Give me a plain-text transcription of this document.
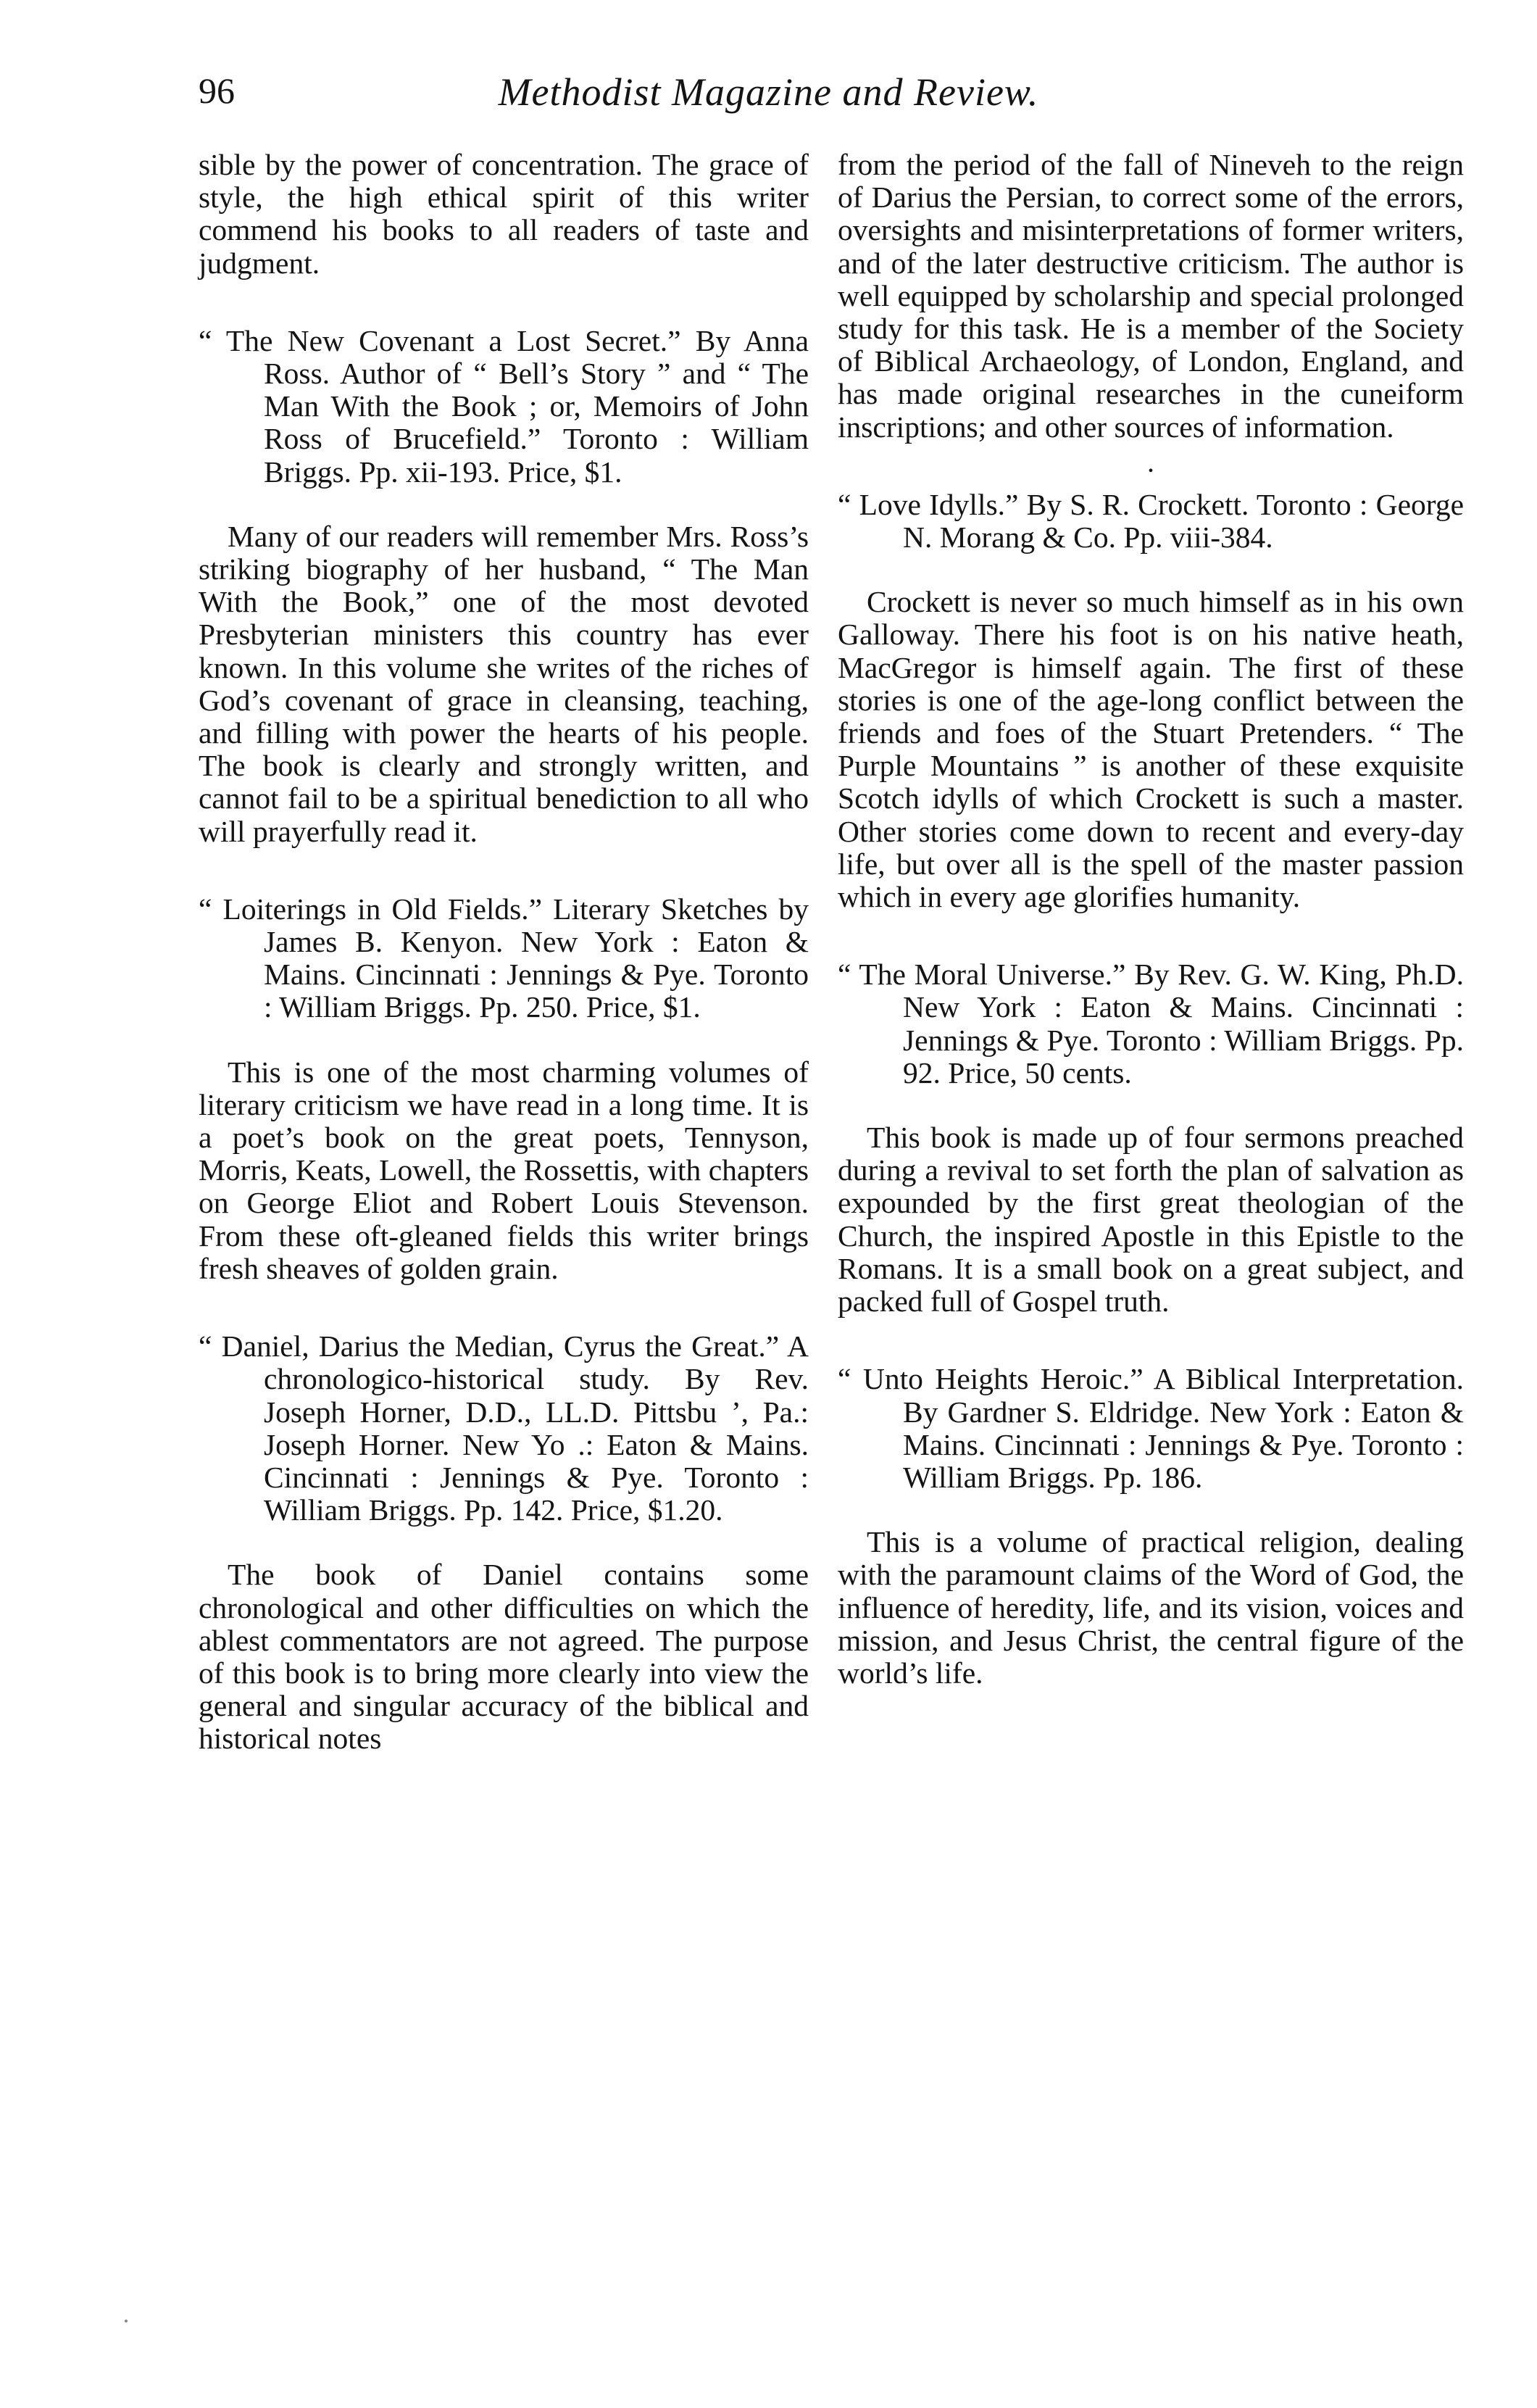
96	Methodist Magazine and Review.

sible by the power of concentration. The grace of style, the high ethical spirit of this writer commend his books to all readers of taste and judgment.

“ The New Covenant a Lost Secret.” By Anna Ross. Author of “ Bell’s Story ” and “ The Man With the Book ; or, Memoirs of John Ross of Brucefield.” Toronto : William Briggs. Pp. xii-193. Price, $1.

Many of our readers will remember Mrs. Ross’s striking biography of her husband, “ The Man With the Book,” one of the most devoted Presbyterian ministers this country has ever known. In this volume she writes of the riches of God’s covenant of grace in cleansing, teaching, and filling with power the hearts of his people. The book is clearly and strongly written, and cannot fail to be a spiritual benediction to all who will prayerfully read it.

“ Loiterings in Old Fields.” Literary Sketches by James B. Kenyon. New York : Eaton & Mains. Cincinnati : Jennings & Pye. Toronto : William Briggs. Pp. 250. Price, $1.

This is one of the most charming volumes of literary criticism we have read in a long time. It is a poet’s book on the great poets, Tennyson, Morris, Keats, Lowell, the Rossettis, with chapters on George Eliot and Robert Louis Stevenson. From these oft-gleaned fields this writer brings fresh sheaves of golden grain.

“ Daniel, Darius the Median, Cyrus the Great.” A chronologico-historical study. By Rev. Joseph Horner, D.D., LL.D. Pittsbu ’, Pa.: Joseph Horner. New Yo .: Eaton & Mains. Cincinnati : Jennings & Pye. Toronto : William Briggs. Pp. 142. Price, $1.20.

The book of Daniel contains some chronological and other difficulties on which the ablest commentators are not agreed. The purpose of this book is to bring more clearly into view the general and singular accuracy of the biblical and historical notes

from the period of the fall of Nineveh to the reign of Darius the Persian, to correct some of the errors, oversights and misinterpretations of former writers, and of the later destructive criticism. The author is well equipped by scholarship and special prolonged study for this task. He is a member of the Society of Biblical Archaeology, of London, England, and has made original researches in the cuneiform inscriptions; and other sources of information.

•

“ Love Idylls.” By S. R. Crockett. Toronto : George N. Morang & Co. Pp. viii-384.

Crockett is never so much himself as in his own Galloway. There his foot is on his native heath, MacGregor is himself again. The first of these stories is one of the age-long conflict between the friends and foes of the Stuart Pretenders. “ The Purple Mountains ” is another of these exquisite Scotch idylls of which Crockett is such a master. Other stories come down to recent and every-day life, but over all is the spell of the master passion which in every age glorifies humanity.

“ The Moral Universe.” By Rev. G. W. King, Ph.D. New York : Eaton & Mains. Cincinnati : Jennings & Pye. Toronto : William Briggs. Pp. 92. Price, 50 cents.

This book is made up of four sermons preached during a revival to set forth the plan of salvation as expounded by the first great theologian of the Church, the inspired Apostle in this Epistle to the Romans. It is a small book on a great subject, and packed full of Gospel truth.

“ Unto Heights Heroic.” A Biblical Interpretation. By Gardner S. Eldridge. New York : Eaton & Mains. Cincinnati : Jennings & Pye. Toronto : William Briggs. Pp. 186.

This is a volume of practical religion, dealing with the paramount claims of the Word of God, the influence of heredity, life, and its vision, voices and mission, and Jesus Christ, the central figure of the world’s life.
